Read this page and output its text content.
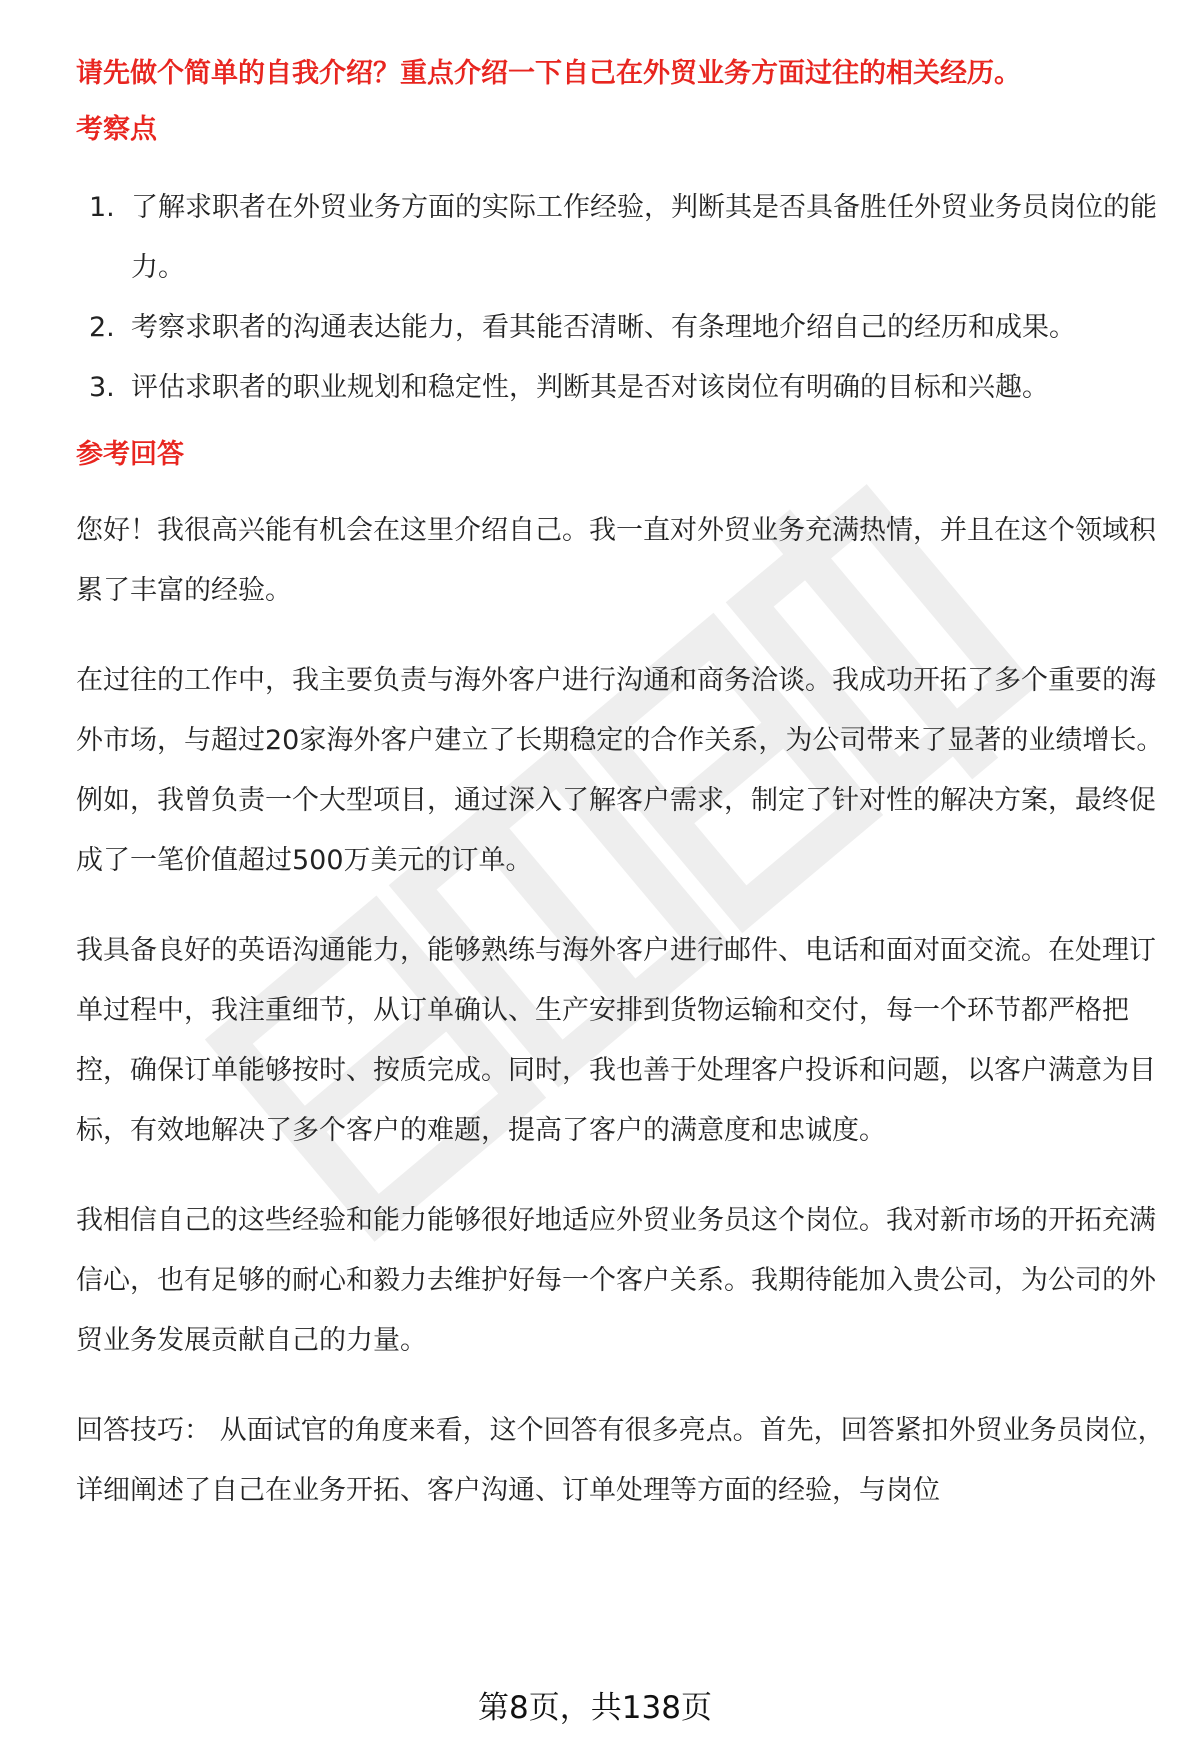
请先做个简单的自我介绍？重点介绍一下自己在外贸业务方面过往的相关经历。
考察点
1. 了解求职者在外贸业务方面的实际工作经验，判断其是否具备胜任外贸业务员岗位的能力。
2. 考察求职者的沟通表达能力，看其能否清晰、有条理地介绍自己的经历和成果。
3. 评估求职者的职业规划和稳定性，判断其是否对该岗位有明确的目标和兴趣。
参考回答

您好！我很高兴能有机会在这里介绍自己。我一直对外贸业务充满热情，并且在这个领域积累了丰富的经验。

在过往的工作中，我主要负责与海外客户进行沟通和商务洽谈。我成功开拓了多个重要的海外市场，与超过20家海外客户建立了长期稳定的合作关系，为公司带来了显著的业绩增长。例如，我曾负责一个大型项目，通过深入了解客户需求，制定了针对性的解决方案，最终促成了一笔价值超过500万美元的订单。

我具备良好的英语沟通能力，能够熟练与海外客户进行邮件、电话和面对面交流。在处理订单过程中，我注重细节，从订单确认、生产安排到货物运输和交付，每一个环节都严格把控，确保订单能够按时、按质完成。同时，我也善于处理客户投诉和问题，以客户满意为目标，有效地解决了多个客户的难题，提高了客户的满意度和忠诚度。

我相信自己的这些经验和能力能够很好地适应外贸业务员这个岗位。我对新市场的开拓充满信心，也有足够的耐心和毅力去维护好每一个客户关系。我期待能加入贵公司，为公司的外贸业务发展贡献自己的力量。

回答技巧： 从面试官的角度来看，这个回答有很多亮点。首先，回答紧扣外贸业务员岗位，详细阐述了自己在业务开拓、客户沟通、订单处理等方面的经验，与岗位

第8页，共138页
